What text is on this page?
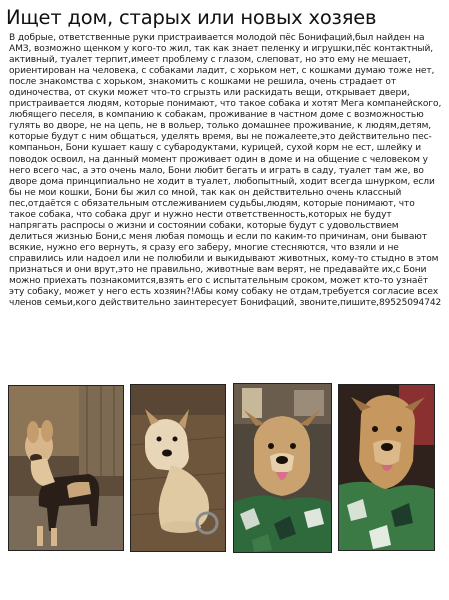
Ищет дом, старых или новых хозяев
В добрые, ответственные руки пристраивается молодой пёс Бонифаций,был найден на АМЗ, возможно щенком у кого-то жил, так как знает пеленку и игрушки,пёс контактный, активный, туалет терпит,имеет проблему с глазом, слеповат, но это ему не мешает, ориентирован на человека, с собаками ладит, с хорьком нет, с кошками думаю тоже нет, после знакомства с хорьком, знакомить с кошками не решила, очень страдает от одиночества, от скуки может что-то сгрызть или раскидать вещи, открывает двери, пристраивается людям, которые понимают, что такое собака и хотят Мега компанейского, любящего песеля, в компанию к собакам, проживание в частном доме с возможностью гулять во дворе, не на цепь, не в вольер, только домашнее проживание, к людям,детям, которые будут с ним общаться, уделять время, вы не пожалеете,это действительно пес-компаньон, Бони кушает кашу с субародуктами, курицей, сухой корм не ест, шлейку и поводок освоил, на данный момент проживает один в доме и на общение с человеком у него всего час, а это очень мало, Бони любит бегать и играть в саду, туалет там же, во дворе дома принципиально не ходит в туалет, любопытный, ходит всегда шнурком, если бы не мои кошки, Бони бы жил со мной, так как он действительно очень классный пес,отдаётся с обязательным отслеживанием судьбы,людям, которые понимают, что такое собака, что собака друг и нужно нести ответственность,которых не будут напрягать распросы о жизни и состоянии собаки, которые будут с удовольствием делиться жизнью Бони,с меня любая помощь и если по каким-то причинам, они бывают всякие, нужно его вернуть, я сразу его заберу, многие стесняются, что взяли и не справились или надоел или не полюбили и выкидывают животных, кому-то стыдно в этом признаться и они врут,это не правильно, животные вам верят, не предавайте их,с Бони можно приехать познакомится,взять его с испытательным сроком, может кто-то узнаёт эту собаку, может у него есть хозяин?!Абы кому собаку не отдам,требуется согласие всех членов семьи,кого действительно заинтересует Бонифаций, звоните,пишите,89525094742
